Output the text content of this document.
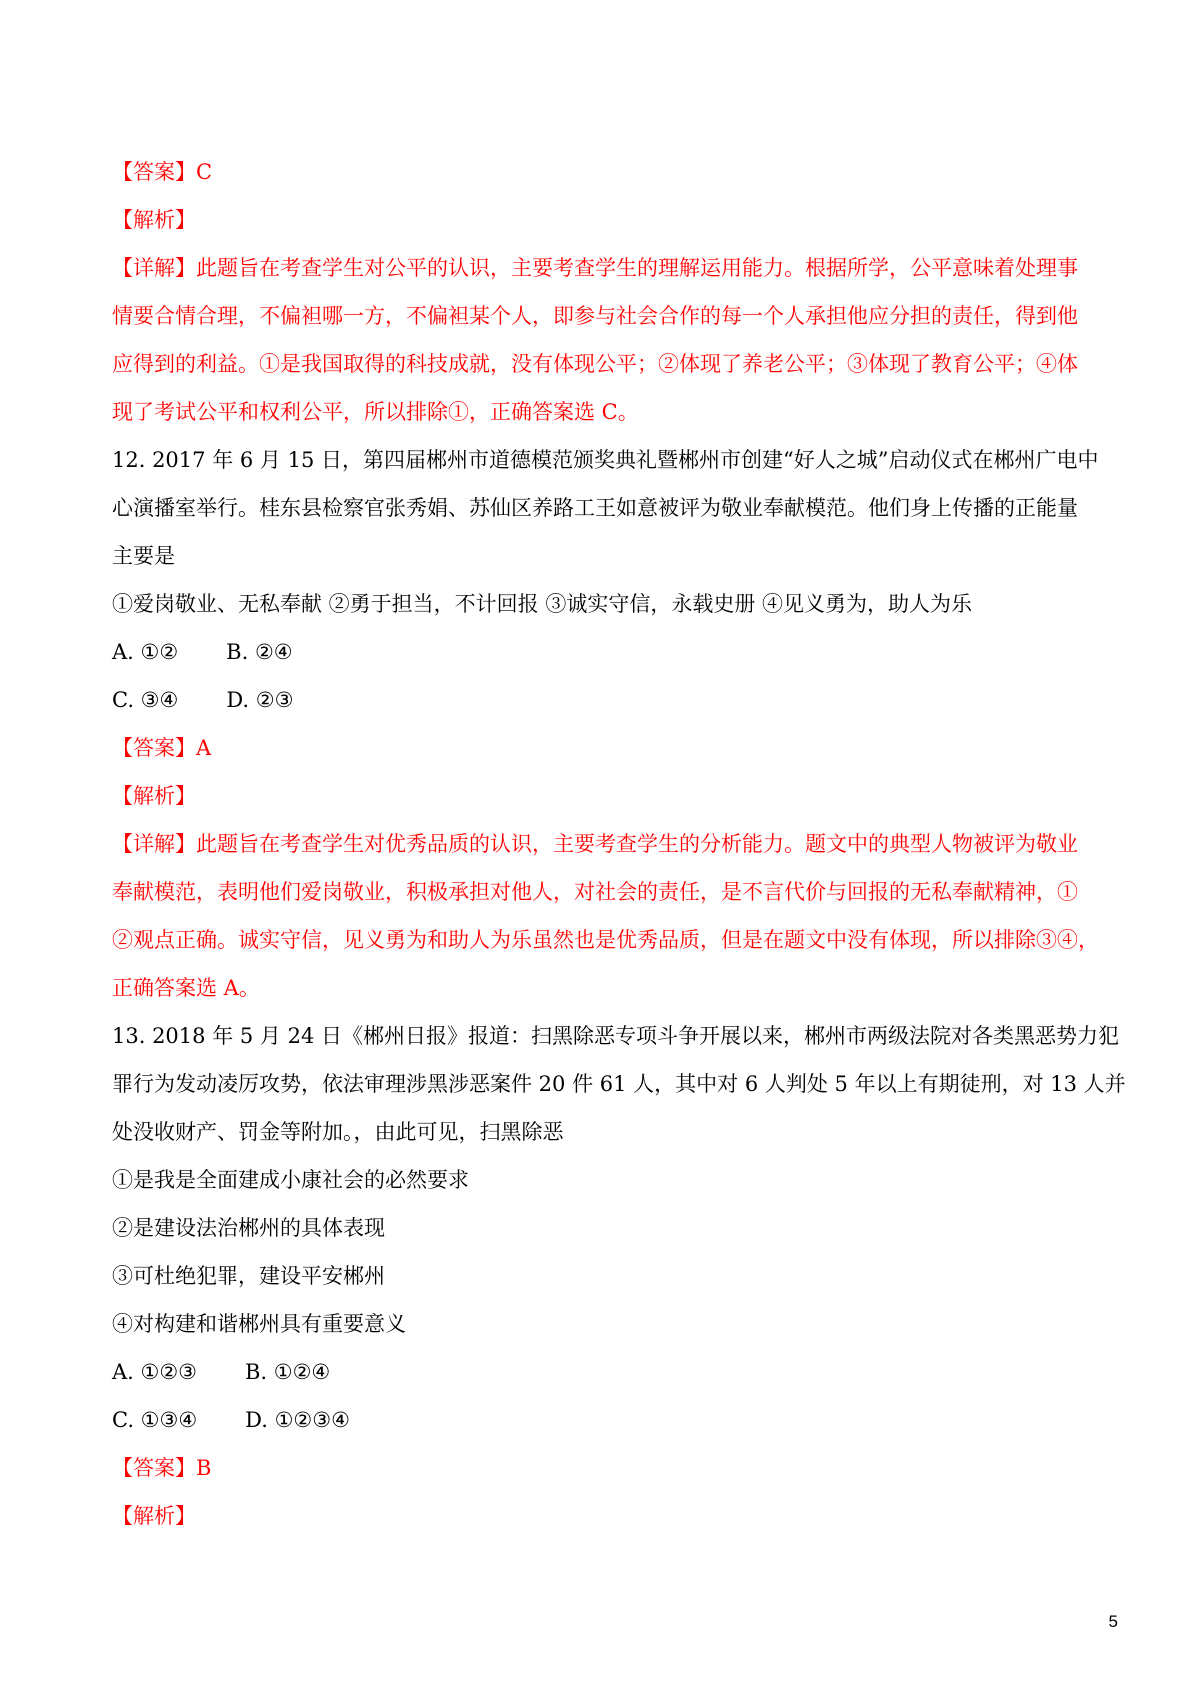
【答案】C
【解析】
【详解】此题旨在考查学生对公平的认识，主要考查学生的理解运用能力。根据所学，公平意味着处理事
情要合情合理，不偏袒哪一方，不偏袒某个人，即参与社会合作的每一个人承担他应分担的责任，得到他
应得到的利益。①是我国取得的科技成就，没有体现公平；②体现了养老公平；③体现了教育公平；④体
现了考试公平和权利公平，所以排除①，正确答案选 C。
12. 2017 年 6 月 15 日，第四届郴州市道德模范颁奖典礼暨郴州市创建“好人之城”启动仪式在郴州广电中
心演播室举行。桂东县检察官张秀娟、苏仙区养路工王如意被评为敬业奉献模范。他们身上传播的正能量
主要是
①爱岗敬业、无私奉献 ②勇于担当，不计回报 ③诚实守信，永载史册 ④见义勇为，助人为乐
A. ①② B. ②④
C. ③④ D. ②③
【答案】A
【解析】
【详解】此题旨在考查学生对优秀品质的认识，主要考查学生的分析能力。题文中的典型人物被评为敬业
奉献模范，表明他们爱岗敬业，积极承担对他人，对社会的责任，是不言代价与回报的无私奉献精神，①
②观点正确。诚实守信，见义勇为和助人为乐虽然也是优秀品质，但是在题文中没有体现，所以排除③④，
正确答案选 A。
13. 2018 年 5 月 24 日《郴州日报》报道：扫黑除恶专项斗争开展以来，郴州市两级法院对各类黑恶势力犯
罪行为发动凌厉攻势，依法审理涉黑涉恶案件 20 件 61 人，其中对 6 人判处 5 年以上有期徒刑，对 13 人并
处没收财产、罚金等附加。，由此可见，扫黑除恶
①是我是全面建成小康社会的必然要求
②是建设法治郴州的具体表现
③可杜绝犯罪，建设平安郴州
④对构建和谐郴州具有重要意义
A. ①②③ B. ①②④
C. ①③④ D. ①②③④
【答案】B
【解析】
5
